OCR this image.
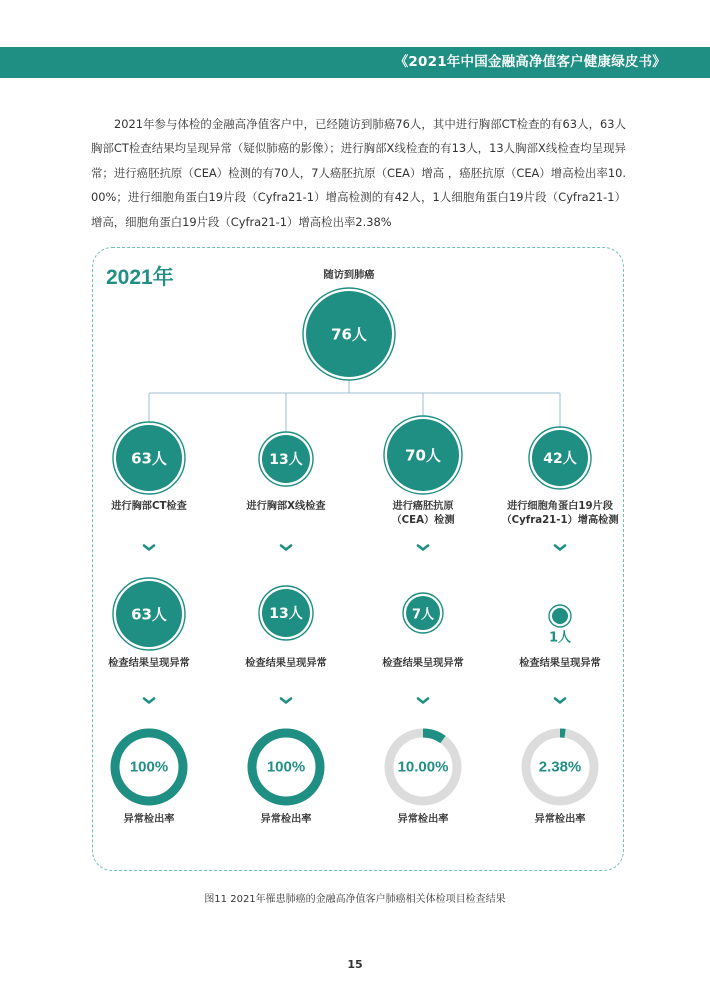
《2021年中国金融高净值客户健康绿皮书》

2021年参与体检的金融高净值客户中，已经随访到肺癌76人，其中进行胸部CT检查的有63人，63人胸部CT检查结果均呈现异常（疑似肺癌的影像）；进行胸部X线检查的有13人，13人胸部X线检查均呈现异常；进行癌胚抗原（CEA）检测的有70人，7人癌胚抗原（CEA）增高 ，癌胚抗原（CEA）增高检出率10.00%；进行细胞角蛋白19片段（Cyfra21-1）增高检测的有42人，1人细胞角蛋白19片段（Cyfra21-1）增高，细胞角蛋白19片段（Cyfra21-1）增高检出率2.38%

2021年	随访到肺癌
76人
63人
进行胸部CT检查
63人
检查结果呈现异常
100%
异常检出率
13人
进行胸部X线检查
13人
检查结果呈现异常
100%
异常检出率
70人
进行癌胚抗原
（CEA）检测
7人
检查结果呈现异常
10.00%
异常检出率
42人
进行细胞角蛋白19片段
（Cyfra21-1）增高检测
1人
检查结果呈现异常
2.38%
异常检出率
图11 2021年罹患肺癌的金融高净值客户肺癌相关体检项目检查结果
15
